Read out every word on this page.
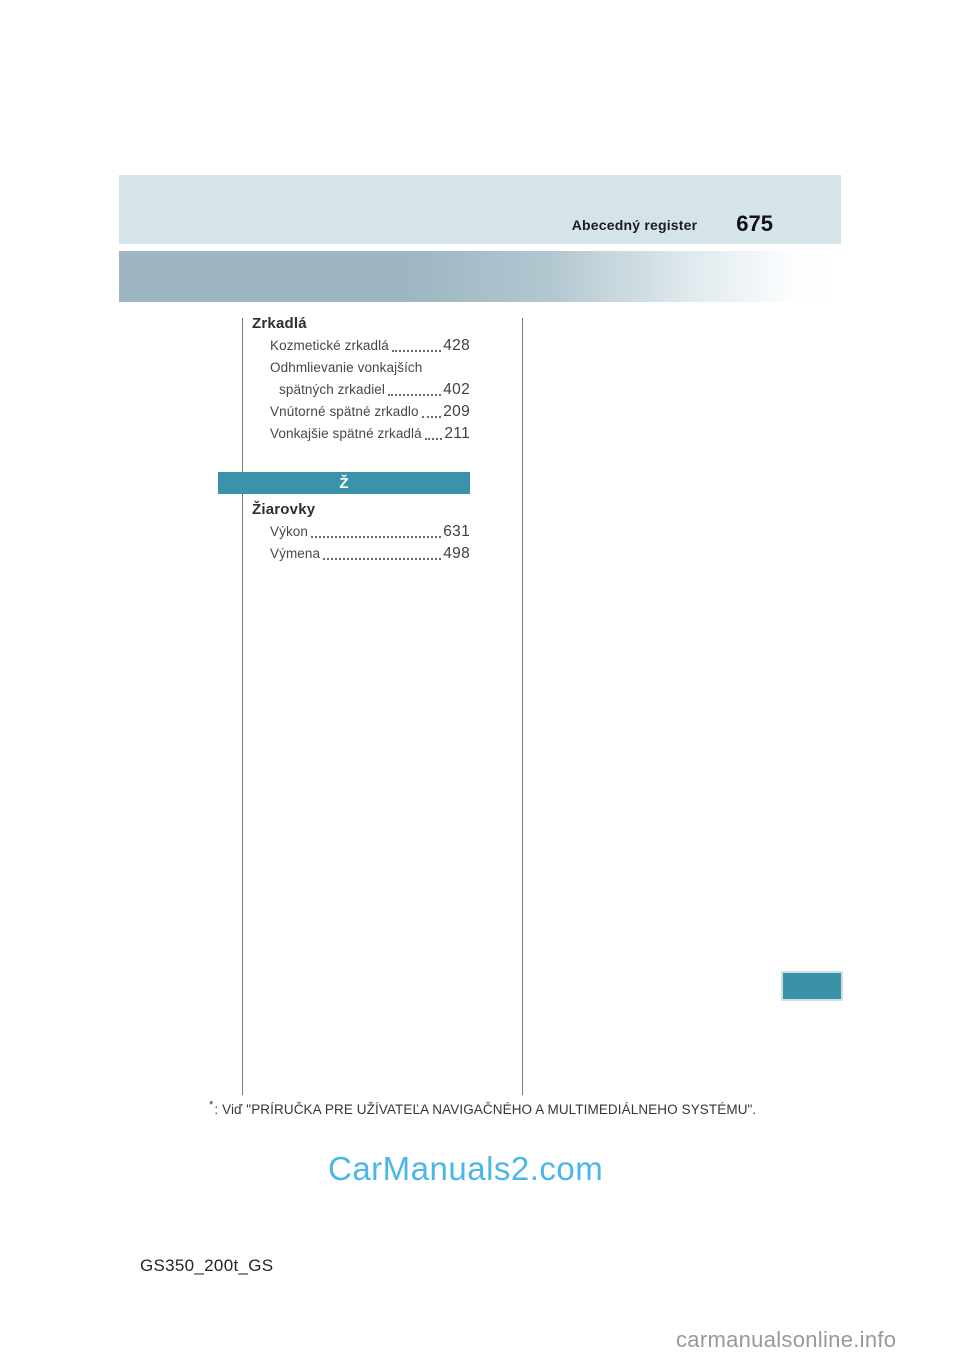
Abecedný register 675
Zrkadlá
Kozmetické zrkadlá	428
Odhmlievanie vonkajších
spätných zrkadiel	402
Vnútorné spätné zrkadlo 209
Vonkajšie spätné zrkadlá 211
Ž
Žiarovky
Výkon	631
Výmena	498
*: Viď "PRÍRUČKA PRE UŽÍVATEĽA NAVIGAČNÉHO A MULTIMEDIÁLNEHO SYSTÉMU".
CarManuals2.com
GS350_200t_GS
carmanualsonline.info
